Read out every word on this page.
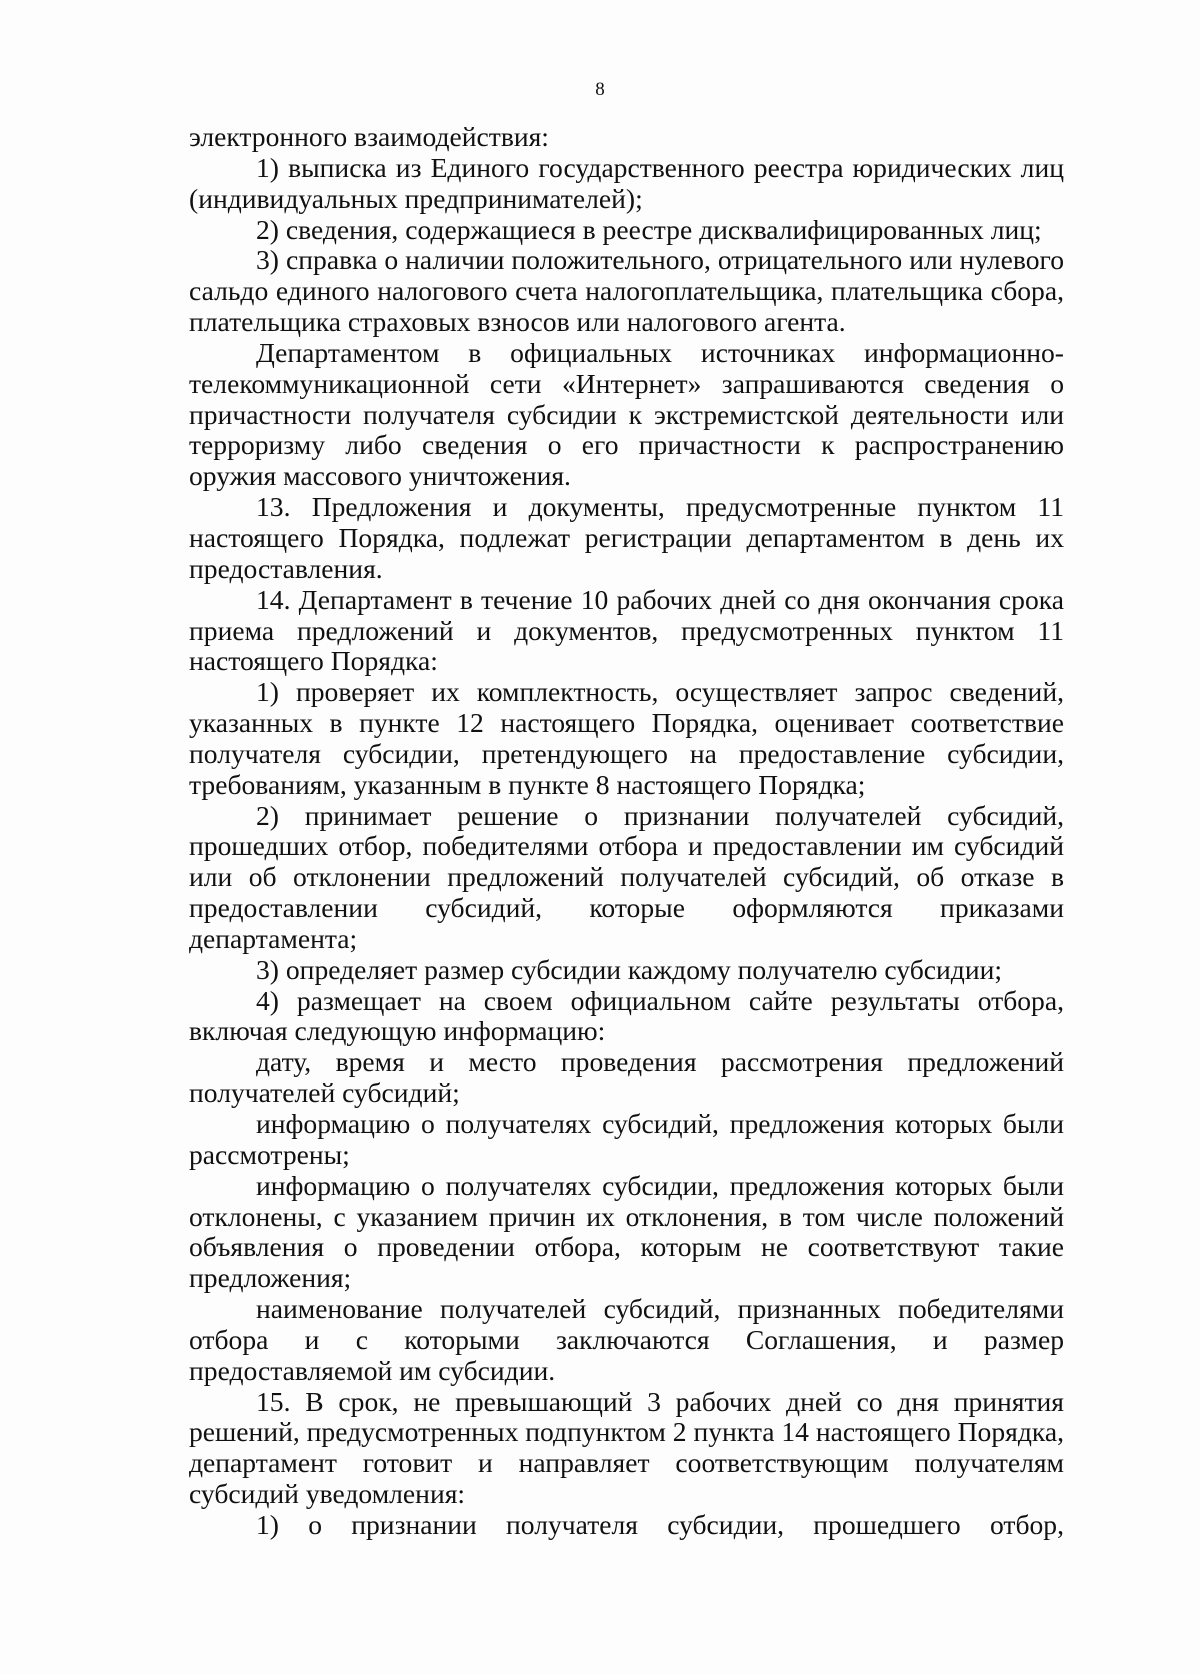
8

электронного взаимодействия:

1) выписка из Единого государственного реестра юридических лиц (индивидуальных предпринимателей);

2) сведения, содержащиеся в реестре дисквалифицированных лиц;

3) справка о наличии положительного, отрицательного или нулевого сальдо единого налогового счета налогоплательщика, плательщика сбора, плательщика страховых взносов или налогового агента.

Департаментом в официальных источниках информационно-телекоммуникационной сети «Интернет» запрашиваются сведения о причастности получателя субсидии к экстремистской деятельности или терроризму либо сведения о его причастности к распространению оружия массового уничтожения.

13. Предложения и документы, предусмотренные пунктом 11 настоящего Порядка, подлежат регистрации департаментом в день их предоставления.

14. Департамент в течение 10 рабочих дней со дня окончания срока приема предложений и документов, предусмотренных пунктом 11 настоящего Порядка:

1) проверяет их комплектность, осуществляет запрос сведений, указанных в пункте 12 настоящего Порядка, оценивает соответствие получателя субсидии, претендующего на предоставление субсидии, требованиям, указанным в пункте 8 настоящего Порядка;

2) принимает решение о признании получателей субсидий, прошедших отбор, победителями отбора и предоставлении им субсидий или об отклонении предложений получателей субсидий, об отказе в предоставлении субсидий, которые оформляются приказами департамента;

3) определяет размер субсидии каждому получателю субсидии;

4) размещает на своем официальном сайте результаты отбора, включая следующую информацию:

дату, время и место проведения рассмотрения предложений получателей субсидий;

информацию о получателях субсидий, предложения которых были рассмотрены;

информацию о получателях субсидии, предложения которых были отклонены, с указанием причин их отклонения, в том числе положений объявления о проведении отбора, которым не соответствуют такие предложения;

наименование получателей субсидий, признанных победителями отбора и с которыми заключаются Соглашения, и размер предоставляемой им субсидии.

15. В срок, не превышающий 3 рабочих дней со дня принятия решений, предусмотренных подпунктом 2 пункта 14 настоящего Порядка, департамент готовит и направляет соответствующим получателям субсидий уведомления:

1) о признании получателя субсидии, прошедшего отбор,
